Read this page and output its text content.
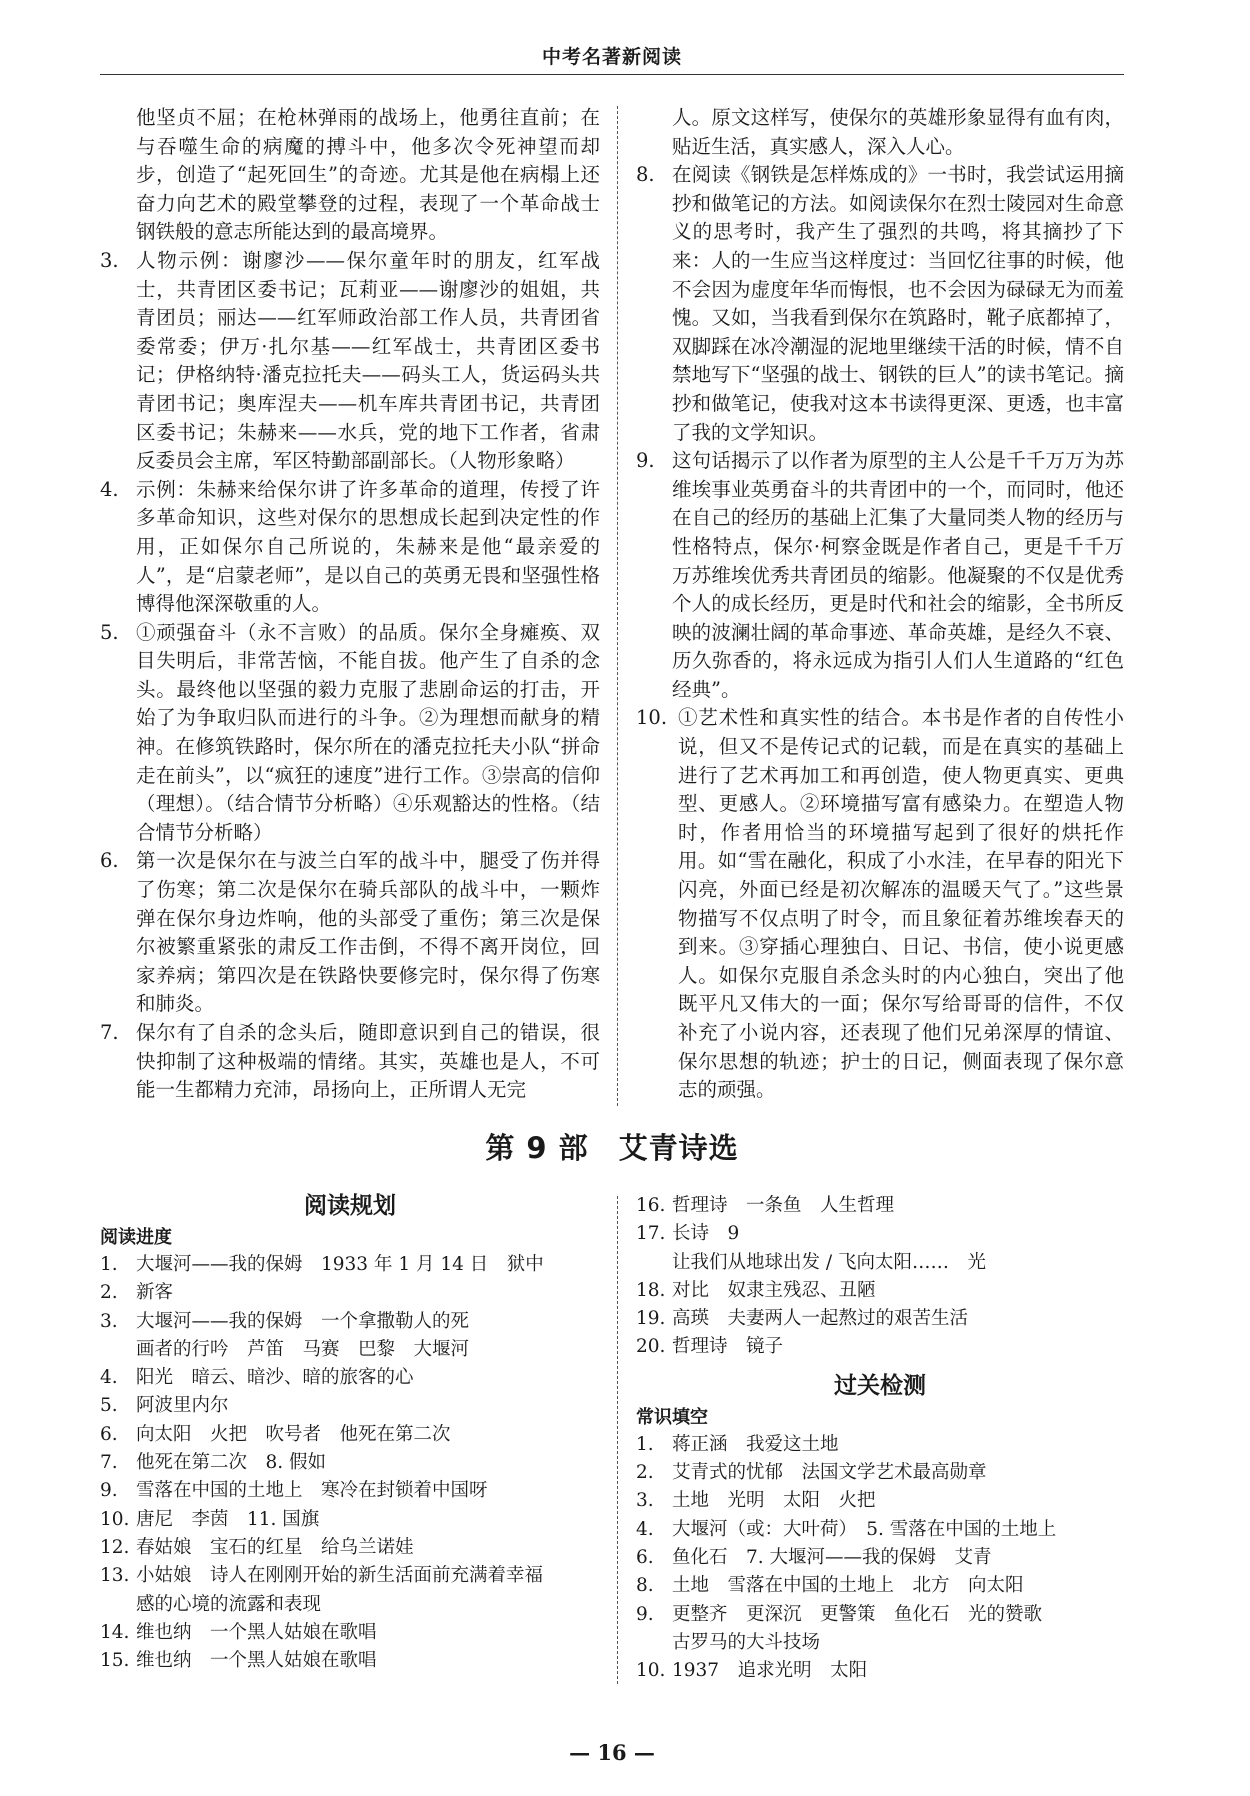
中考名著新阅读
他坚贞不屈；在枪林弹雨的战场上，他勇往直前；在与吞噬生命的病魔的搏斗中，他多次令死神望而却步，创造了“起死回生”的奇迹。尤其是他在病榻上还奋力向艺术的殿堂攀登的过程，表现了一个革命战士钢铁般的意志所能达到的最高境界。
3. 人物示例：谢廖沙——保尔童年时的朋友，红军战士，共青团区委书记；瓦莉亚——谢廖沙的姐姐，共青团员；丽达——红军师政治部工作人员，共青团省委常委；伊万·扎尔基——红军战士，共青团区委书记；伊格纳特·潘克拉托夫——码头工人，货运码头共青团书记；奥库涅夫——机车库共青团书记，共青团区委书记；朱赫来——水兵，党的地下工作者，省肃反委员会主席，军区特勤部副部长。（人物形象略）
4. 示例：朱赫来给保尔讲了许多革命的道理，传授了许多革命知识，这些对保尔的思想成长起到决定性的作用，正如保尔自己所说的，朱赫来是他“最亲爱的人”，是“启蒙老师”，是以自己的英勇无畏和坚强性格博得他深深敬重的人。
5. ①顽强奋斗（永不言败）的品质。保尔全身瘫痪、双目失明后，非常苦恼，不能自拔。他产生了自杀的念头。最终他以坚强的毅力克服了悲剧命运的打击，开始了为争取归队而进行的斗争。②为理想而献身的精神。在修筑铁路时，保尔所在的潘克拉托夫小队“拼命走在前头”，以“疯狂的速度”进行工作。③崇高的信仰（理想）。（结合情节分析略）④乐观豁达的性格。（结合情节分析略）
6. 第一次是保尔在与波兰白军的战斗中，腿受了伤并得了伤寒；第二次是保尔在骑兵部队的战斗中，一颗炸弹在保尔身边炸响，他的头部受了重伤；第三次是保尔被繁重紧张的肃反工作击倒，不得不离开岗位，回家养病；第四次是在铁路快要修完时，保尔得了伤寒和肺炎。
7. 保尔有了自杀的念头后，随即意识到自己的错误，很快抑制了这种极端的情绪。其实，英雄也是人，不可能一生都精力充沛，昂扬向上，正所谓人无完
人。原文这样写，使保尔的英雄形象显得有血有肉，贴近生活，真实感人，深入人心。
8. 在阅读《钢铁是怎样炼成的》一书时，我尝试运用摘抄和做笔记的方法。如阅读保尔在烈士陵园对生命意义的思考时，我产生了强烈的共鸣，将其摘抄了下来：人的一生应当这样度过：当回忆往事的时候，他不会因为虚度年华而悔恨，也不会因为碌碌无为而羞愧。又如，当我看到保尔在筑路时，靴子底都掉了，双脚踩在冰冷潮湿的泥地里继续干活的时候，情不自禁地写下“坚强的战士、钢铁的巨人”的读书笔记。摘抄和做笔记，使我对这本书读得更深、更透，也丰富了我的文学知识。
9. 这句话揭示了以作者为原型的主人公是千千万万为苏维埃事业英勇奋斗的共青团中的一个，而同时，他还在自己的经历的基础上汇集了大量同类人物的经历与性格特点，保尔·柯察金既是作者自己，更是千千万万苏维埃优秀共青团员的缩影。他凝聚的不仅是优秀个人的成长经历，更是时代和社会的缩影，全书所反映的波澜壮阔的革命事迹、革命英雄，是经久不衰、历久弥香的，将永远成为指引人们人生道路的“红色经典”。
10. ①艺术性和真实性的结合。本书是作者的自传性小说，但又不是传记式的记载，而是在真实的基础上进行了艺术再加工和再创造，使人物更真实、更典型、更感人。②环境描写富有感染力。在塑造人物时，作者用恰当的环境描写起到了很好的烘托作用。如“雪在融化，积成了小水洼，在早春的阳光下闪亮，外面已经是初次解冻的温暖天气了。”这些景物描写不仅点明了时令，而且象征着苏维埃春天的到来。③穿插心理独白、日记、书信，使小说更感人。如保尔克服自杀念头时的内心独白，突出了他既平凡又伟大的一面；保尔写给哥哥的信件，不仅补充了小说内容，还表现了他们兄弟深厚的情谊、保尔思想的轨迹；护士的日记，侧面表现了保尔意志的顽强。
第 9 部　艾青诗选

阅读规划

阅读进度

1. 大堰河——我的保姆　1933 年 1 月 14 日　狱中
2. 新客
3. 大堰河——我的保姆　一个拿撒勒人的死
画者的行吟　芦笛　马赛　巴黎　大堰河
4. 阳光　暗云、暗沙、暗的旅客的心
5. 阿波里内尔
6. 向太阳　火把　吹号者　他死在第二次
7. 他死在第二次　8. 假如
9. 雪落在中国的土地上　寒冷在封锁着中国呀
10. 唐尼　李茵　11. 国旗
12. 春姑娘　宝石的红星　给乌兰诺娃
13. 小姑娘　诗人在刚刚开始的新生活面前充满着幸福
感的心境的流露和表现
14. 维也纳　一个黑人姑娘在歌唱
15. 维也纳　一个黑人姑娘在歌唱
16. 哲理诗　一条鱼　人生哲理
17. 长诗　9
让我们从地球出发 / 飞向太阳……　光
18. 对比　奴隶主残忍、丑陋
19. 高瑛　夫妻两人一起熬过的艰苦生活
20. 哲理诗　镜子

过关检测

常识填空

1. 蒋正涵　我爱这土地
2. 艾青式的忧郁　法国文学艺术最高勋章
3. 土地　光明　太阳　火把
4. 大堰河（或：大叶荷）　5. 雪落在中国的土地上
6. 鱼化石　7. 大堰河——我的保姆　艾青
8. 土地　雪落在中国的土地上　北方　向太阳
9. 更整齐　更深沉　更警策　鱼化石　光的赞歌
古罗马的大斗技场
10. 1937　追求光明　太阳
— 16 —
